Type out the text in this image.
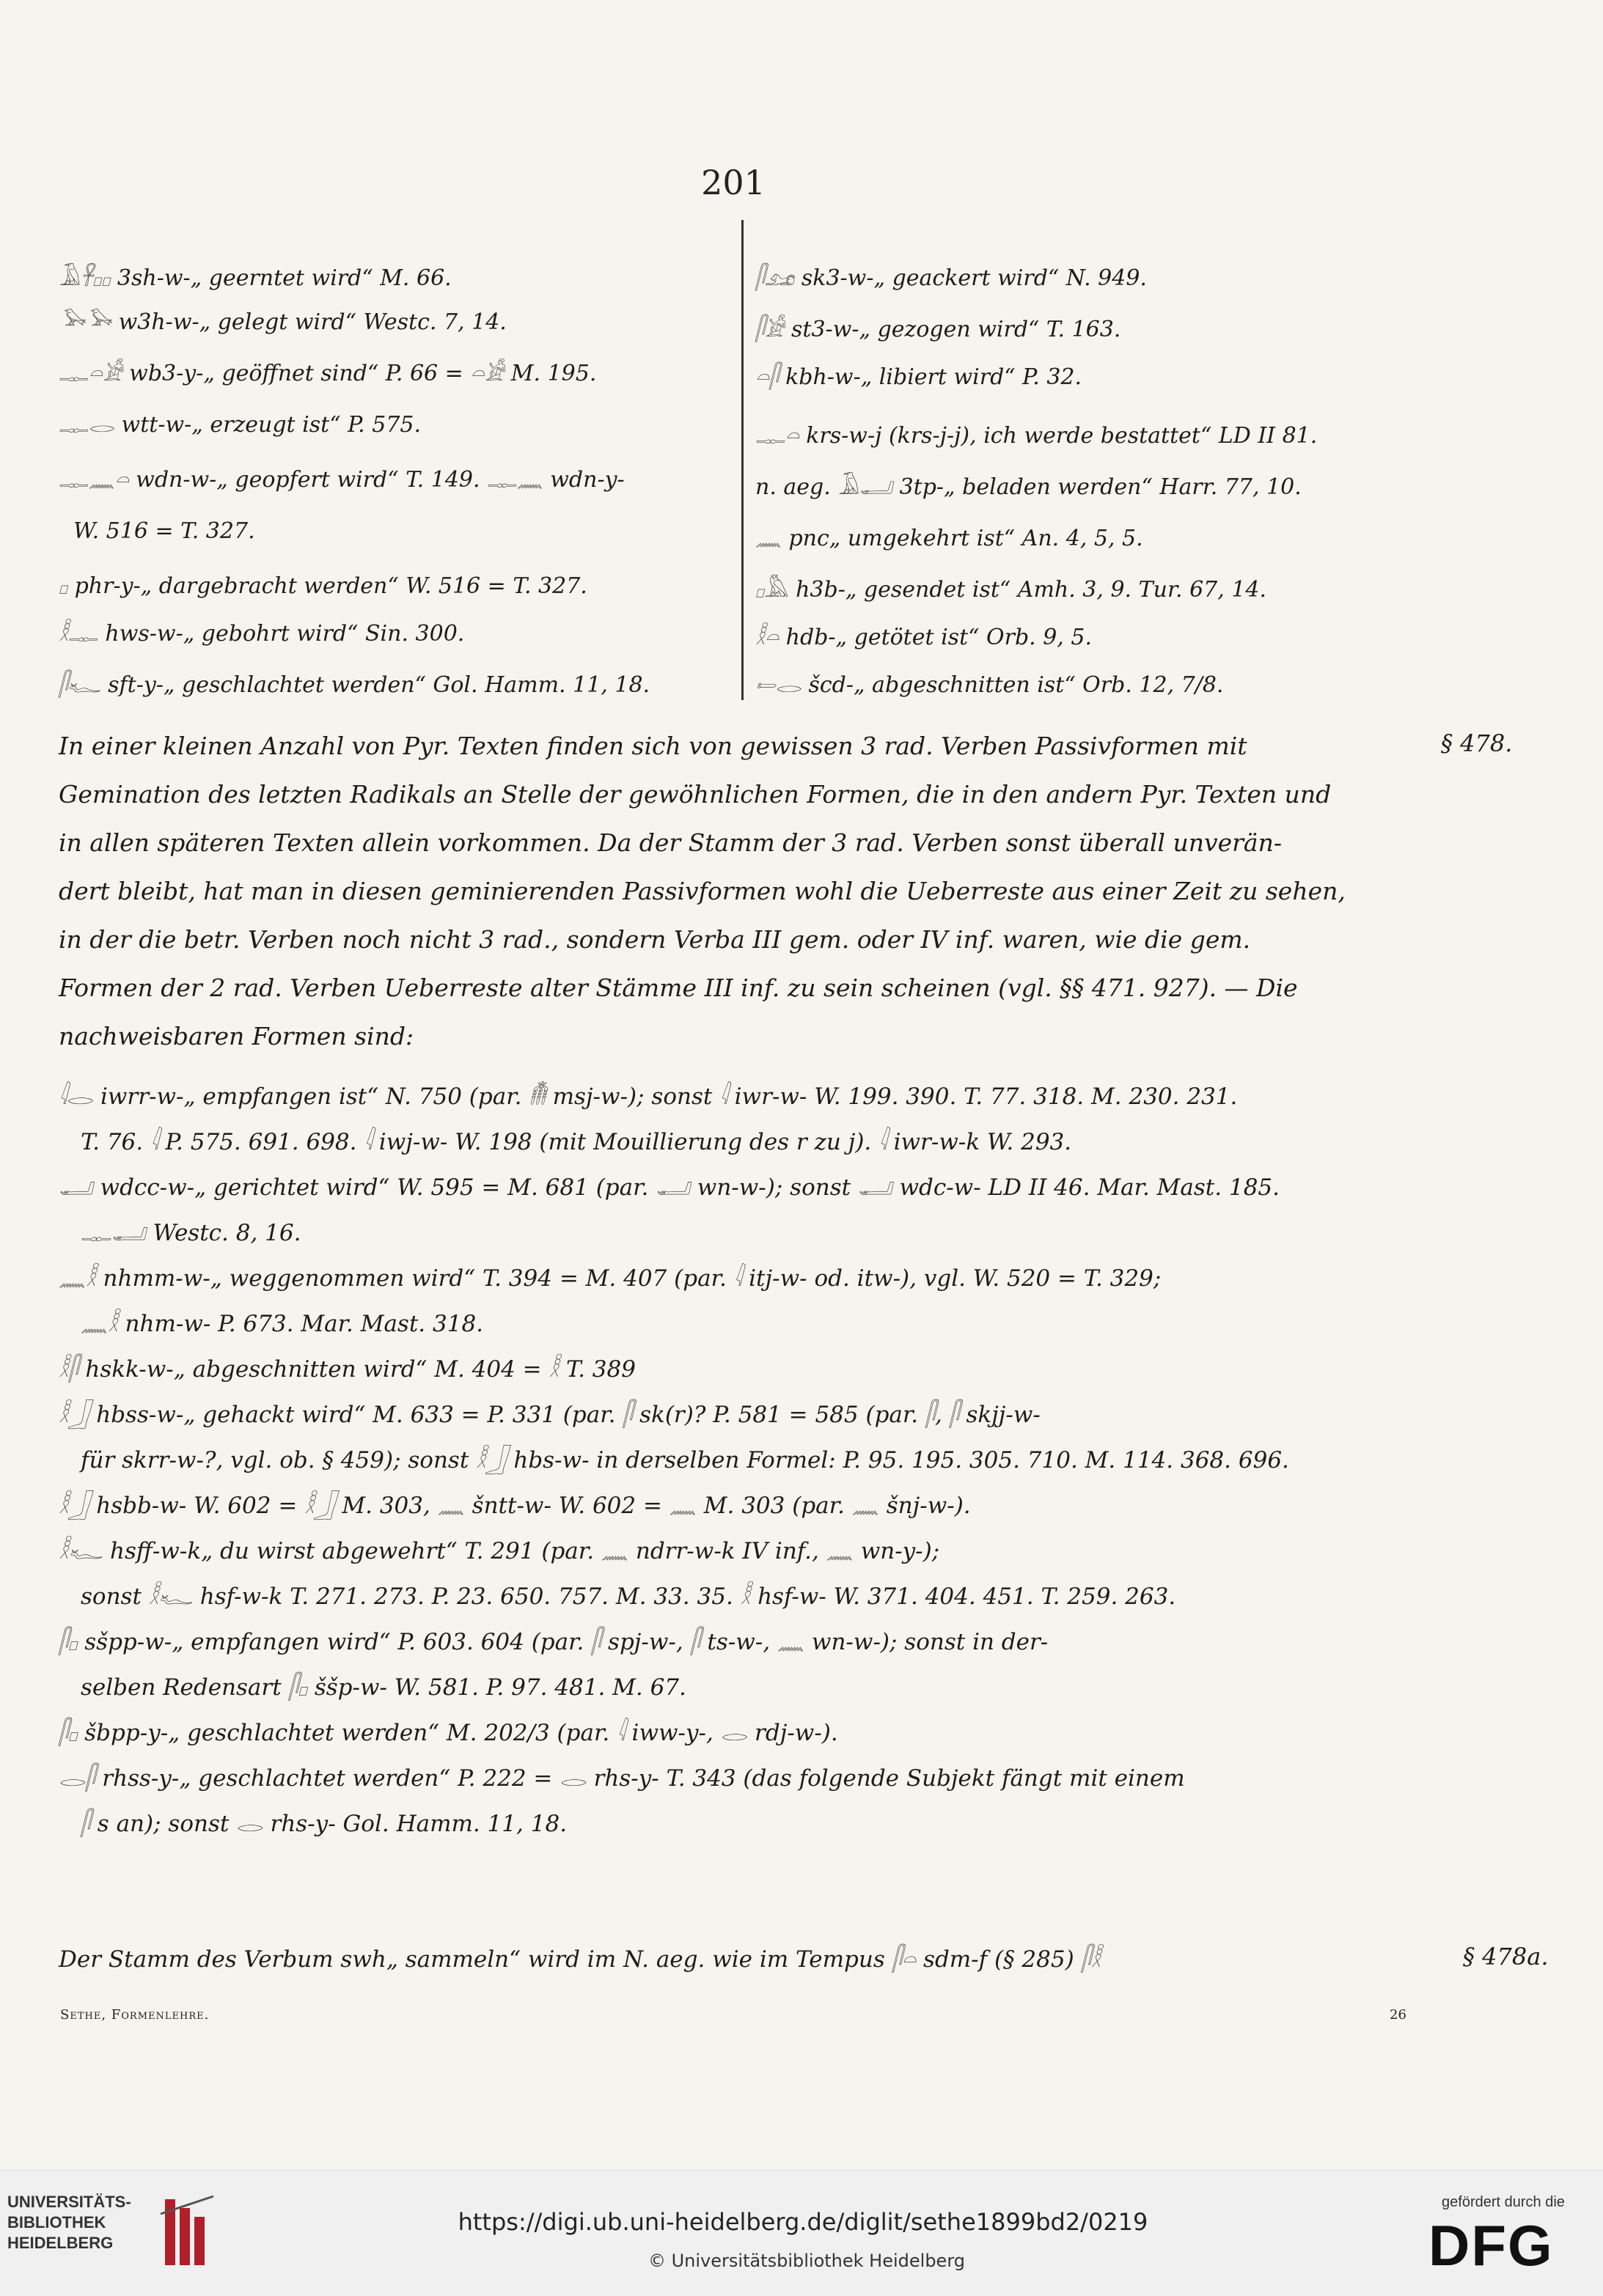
201
𓄿𓋹𓊪𓊪 3sh-w-„ geerntet wird“ M. 66.
𓅨𓅨 w3h-w-„ gelegt wird“ Westc. 7, 14.
𓊃𓏏𓀀 wb3-y-„ geöffnet sind“ P. 66 = 𓏏𓀀 M. 195.
𓊃𓂋 wtt-w-„ erzeugt ist“ P. 575.
𓊃𓈖𓏏 wdn-w-„ geopfert wird“ T. 149. 𓊃𓈖 wdn-y-
W. 516 = T. 327.
𓊪 phr-y-„ dargebracht werden“ W. 516 = T. 327.
𓎛𓊃 hws-w-„ gebohrt wird“ Sin. 300.
𓋴𓆑 sft-y-„ geschlachtet werden“ Gol. Hamm. 11, 18.
𓋴𓃭 sk3-w-„ geackert wird“ N. 949.
𓋴𓀀 st3-w-„ gezogen wird“ T. 163.
𓏏𓋴 kbh-w-„ libiert wird“ P. 32.
𓊃𓏏 krs-w-j (krs-j-j), ich werde bestattet“ LD II 81.
n. aeg. 𓄿𓂝 3tp-„ beladen werden“ Harr. 77, 10.
𓈖 pnc„ umgekehrt ist“ An. 4, 5, 5.
𓊪𓅓 h3b-„ gesendet ist“ Amh. 3, 9. Tur. 67, 14.
𓎛𓏏 hdb-„ getötet ist“ Orb. 9, 5.
𓍿𓂋 šcd-„ abgeschnitten ist“ Orb. 12, 7/8.
§ 478.
In einer kleinen Anzahl von Pyr. Texten finden sich von gewissen 3 rad. Verben Passivformen mit
Gemination des letzten Radikals an Stelle der gewöhnlichen Formen, die in den andern Pyr. Texten und
in allen späteren Texten allein vorkommen. Da der Stamm der 3 rad. Verben sonst überall unverän-
dert bleibt, hat man in diesen geminierenden Passivformen wohl die Ueberreste aus einer Zeit zu sehen,
in der die betr. Verben noch nicht 3 rad., sondern Verba III gem. oder IV inf. waren, wie die gem.
Formen der 2 rad. Verben Ueberreste alter Stämme III inf. zu sein scheinen (vgl. §§ 471. 927). — Die
nachweisbaren Formen sind:
𓇋𓂋 iwrr-w-„ empfangen ist“ N. 750 (par. 𓄟 msj-w-); sonst 𓇋 iwr-w- W. 199. 390. T. 77. 318. M. 230. 231.
T. 76. 𓇋 P. 575. 691. 698. 𓇋 iwj-w- W. 198 (mit Mouillierung des r zu j). 𓇋 iwr-w-k W. 293.
𓂝 wdcc-w-„ gerichtet wird“ W. 595 = M. 681 (par. 𓂝 wn-w-); sonst 𓂝 wdc-w- LD II 46. Mar. Mast. 185.
𓊃𓂝 Westc. 8, 16.
𓈖𓎛 nhmm-w-„ weggenommen wird“ T. 394 = M. 407 (par. 𓇋 itj-w- od. itw-), vgl. W. 520 = T. 329;
𓈖𓎛 nhm-w- P. 673. Mar. Mast. 318.
𓎛𓋴 hskk-w-„ abgeschnitten wird“ M. 404 = 𓎛 T. 389
𓎛𓃀 hbss-w-„ gehackt wird“ M. 633 = P. 331 (par. 𓋴 sk(r)? P. 581 = 585 (par. 𓋴, 𓋴 skjj-w-
für skrr-w-?, vgl. ob. § 459); sonst 𓎛𓃀 hbs-w- in derselben Formel: P. 95. 195. 305. 710. M. 114. 368. 696.
𓎛𓃀 hsbb-w- W. 602 = 𓎛𓃀 M. 303, 𓈖 šntt-w- W. 602 = 𓈖 M. 303 (par. 𓈖 šnj-w-).
𓎛𓆑 hsff-w-k„ du wirst abgewehrt“ T. 291 (par. 𓈖 ndrr-w-k IV inf., 𓈖 wn-y-);
sonst 𓎛𓆑 hsf-w-k T. 271. 273. P. 23. 650. 757. M. 33. 35. 𓎛 hsf-w- W. 371. 404. 451. T. 259. 263.
𓋴𓊪 sšpp-w-„ empfangen wird“ P. 603. 604 (par. 𓋴 spj-w-, 𓋴 ts-w-, 𓈖 wn-w-); sonst in der-
selben Redensart 𓋴𓊪 ššp-w- W. 581. P. 97. 481. M. 67.
𓋴𓊪 šbpp-y-„ geschlachtet werden“ M. 202/3 (par. 𓇋 iww-y-, 𓂋 rdj-w-).
𓂋𓋴 rhss-y-„ geschlachtet werden“ P. 222 = 𓂋 rhs-y- T. 343 (das folgende Subjekt fängt mit einem
𓋴 s an); sonst 𓂋 rhs-y- Gol. Hamm. 11, 18.
§ 478a.
Der Stamm des Verbum swh„ sammeln“ wird im N. aeg. wie im Tempus 𓋴𓏏 sdm-f (§ 285) 𓋴𓎛
Sethe, Formenlehre.	26
UNIVERSITÄTS-
BIBLIOTHEK
HEIDELBERG
https://digi.ub.uni-heidelberg.de/diglit/sethe1899bd2/0219
© Universitätsbibliothek Heidelberg
gefördert durch die
DFG
